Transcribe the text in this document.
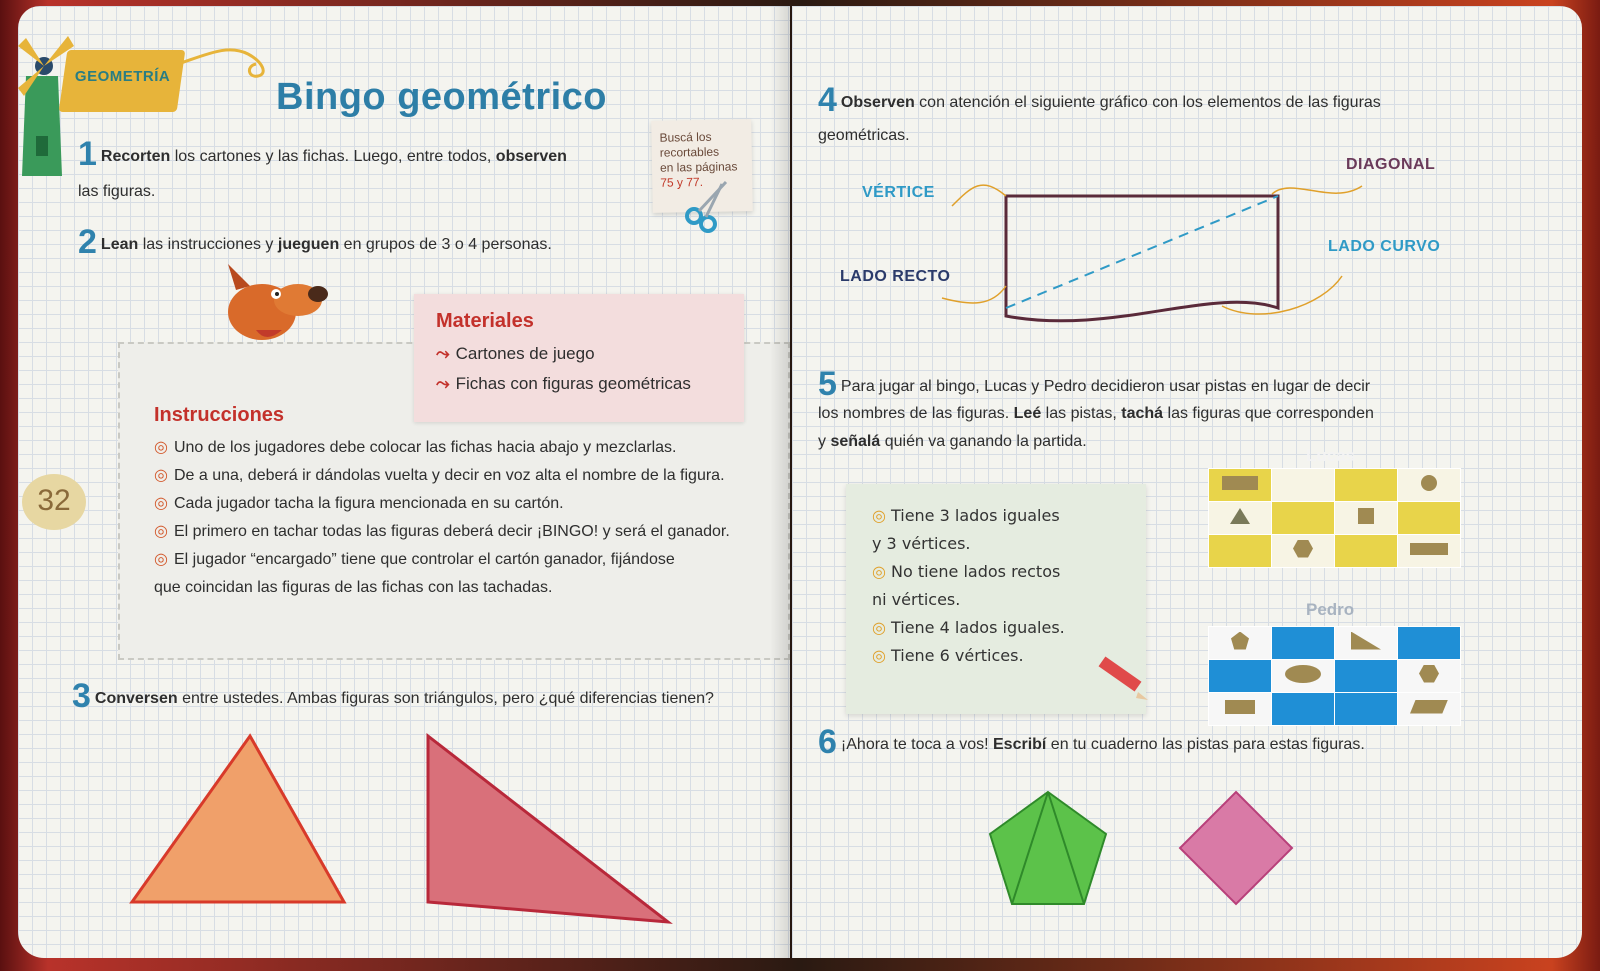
GEOMETRÍA	Bingo geométrico
1 Recorten los cartones y las fichas. Luego, entre todos, observen
las figuras.
Buscá los
recortables
en las páginas
75 y 77.
2 Lean las instrucciones y jueguen en grupos de 3 o 4 personas.
Materiales
⤳ Cartones de juego
⤳ Fichas con figuras geométricas
Instrucciones
◎ Uno de los jugadores debe colocar las fichas hacia abajo y mezclarlas.
◎ De a una, deberá ir dándolas vuelta y decir en voz alta el nombre de la figura.
◎ Cada jugador tacha la figura mencionada en su cartón.
◎ El primero en tachar todas las figuras deberá decir ¡BINGO! y será el ganador.
◎ El jugador “encargado” tiene que controlar el cartón ganador, fijándose
que coincidan las figuras de las fichas con las tachadas.
32
3 Conversen entre ustedes. Ambas figuras son triángulos, pero ¿qué diferencias tienen?
4 Observen con atención el siguiente gráfico con los elementos de las figuras
geométricas.
VÉRTICE
DIAGONAL
LADO RECTO
LADO CURVO
5 Para jugar al bingo, Lucas y Pedro decidieron usar pistas en lugar de decir
los nombres de las figuras. Leé las pistas, tachá las figuras que corresponden
y señalá quién va ganando la partida.
◎ Tiene 3 lados iguales
y 3 vértices.
◎ No tiene lados rectos
ni vértices.
◎ Tiene 4 lados iguales.
◎ Tiene 6 vértices.
Lucas

Pedro

6 ¡Ahora te toca a vos! Escribí en tu cuaderno las pistas para estas figuras.
